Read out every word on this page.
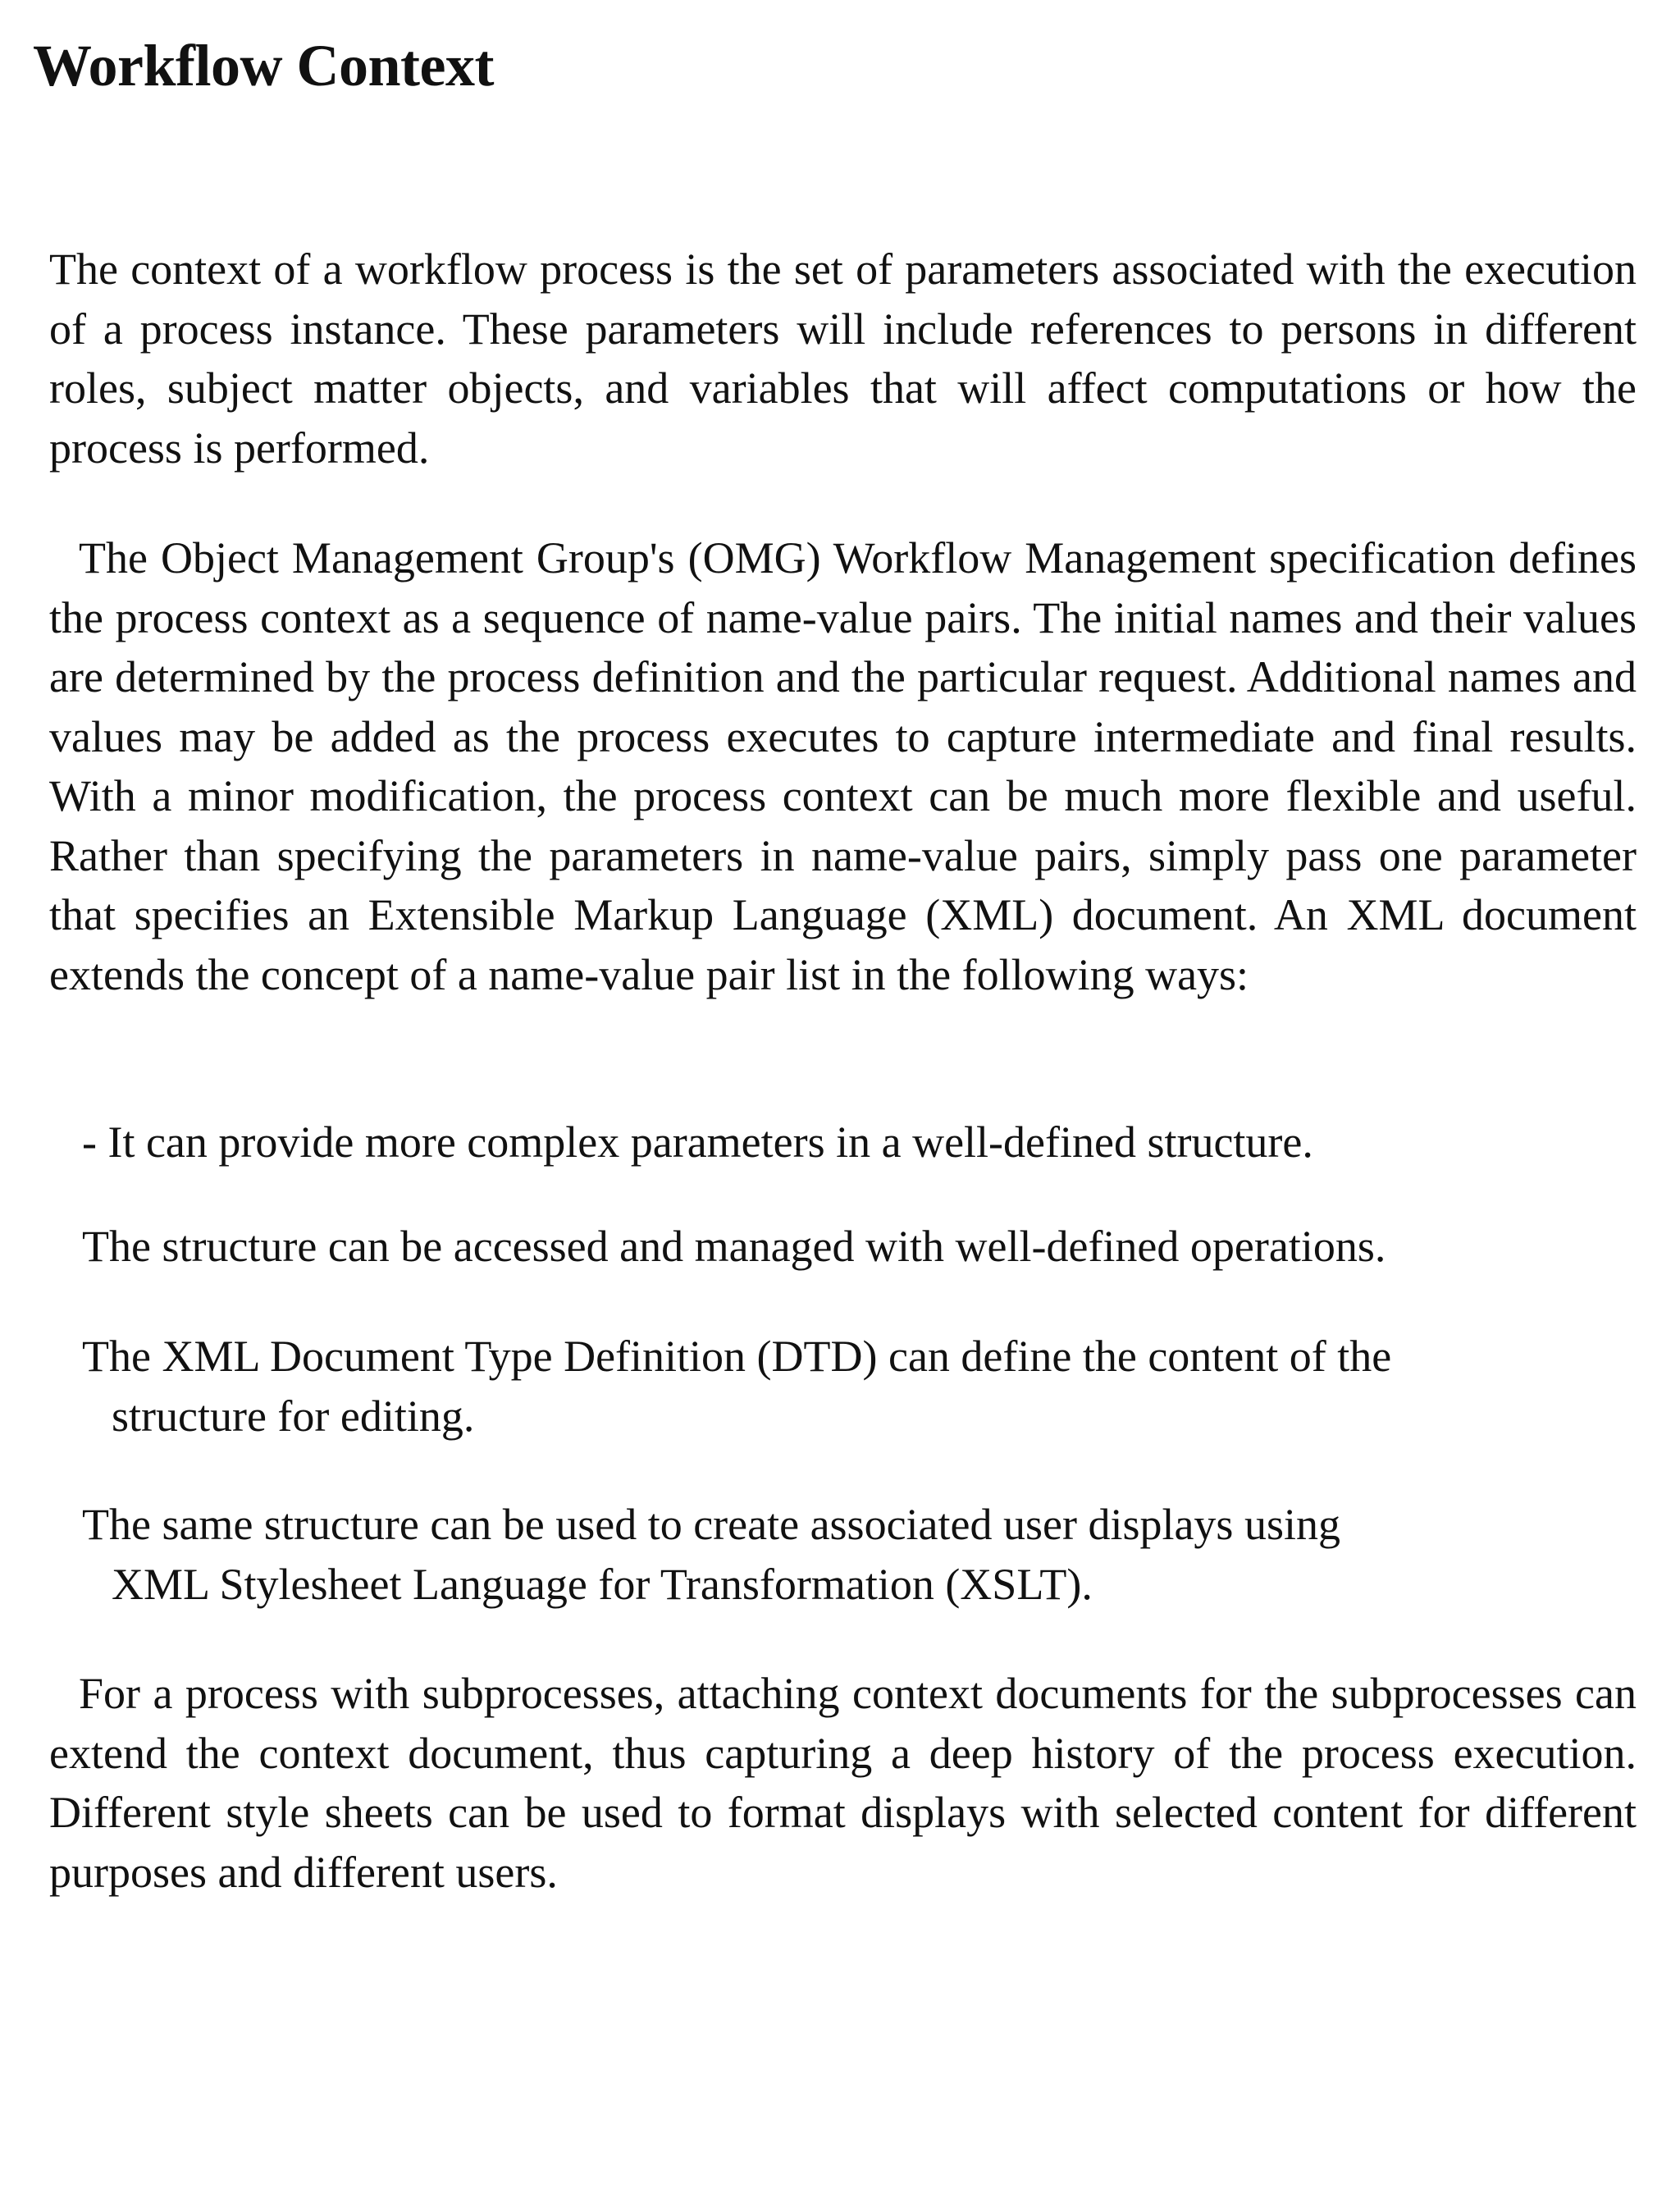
Workflow Context

The context of a workflow process is the set of parameters associated with the execution of a process instance. These parameters will include references to persons in different roles, subject matter objects, and variables that will affect computations or how the process is performed.

The Object Management Group's (OMG) Workflow Management specification defines the process context as a sequence of name-value pairs. The initial names and their values are determined by the process definition and the particular request. Additional names and values may be added as the process executes to capture intermediate and final results. With a minor modification, the process context can be much more flexible and useful. Rather than specifying the parameters in name-value pairs, simply pass one parameter that specifies an Extensible Markup Language (XML) document. An XML document extends the concept of a name-value pair list in the following ways:

- It can provide more complex parameters in a well-defined structure.

The structure can be accessed and managed with well-defined operations.

The XML Document Type Definition (DTD) can define the content of the
structure for editing.

The same structure can be used to create associated user displays using
XML Stylesheet Language for Transformation (XSLT).

For a process with subprocesses, attaching context documents for the subprocesses can extend the context document, thus capturing a deep history of the process execution. Different style sheets can be used to format displays with selected content for different purposes and different users.
